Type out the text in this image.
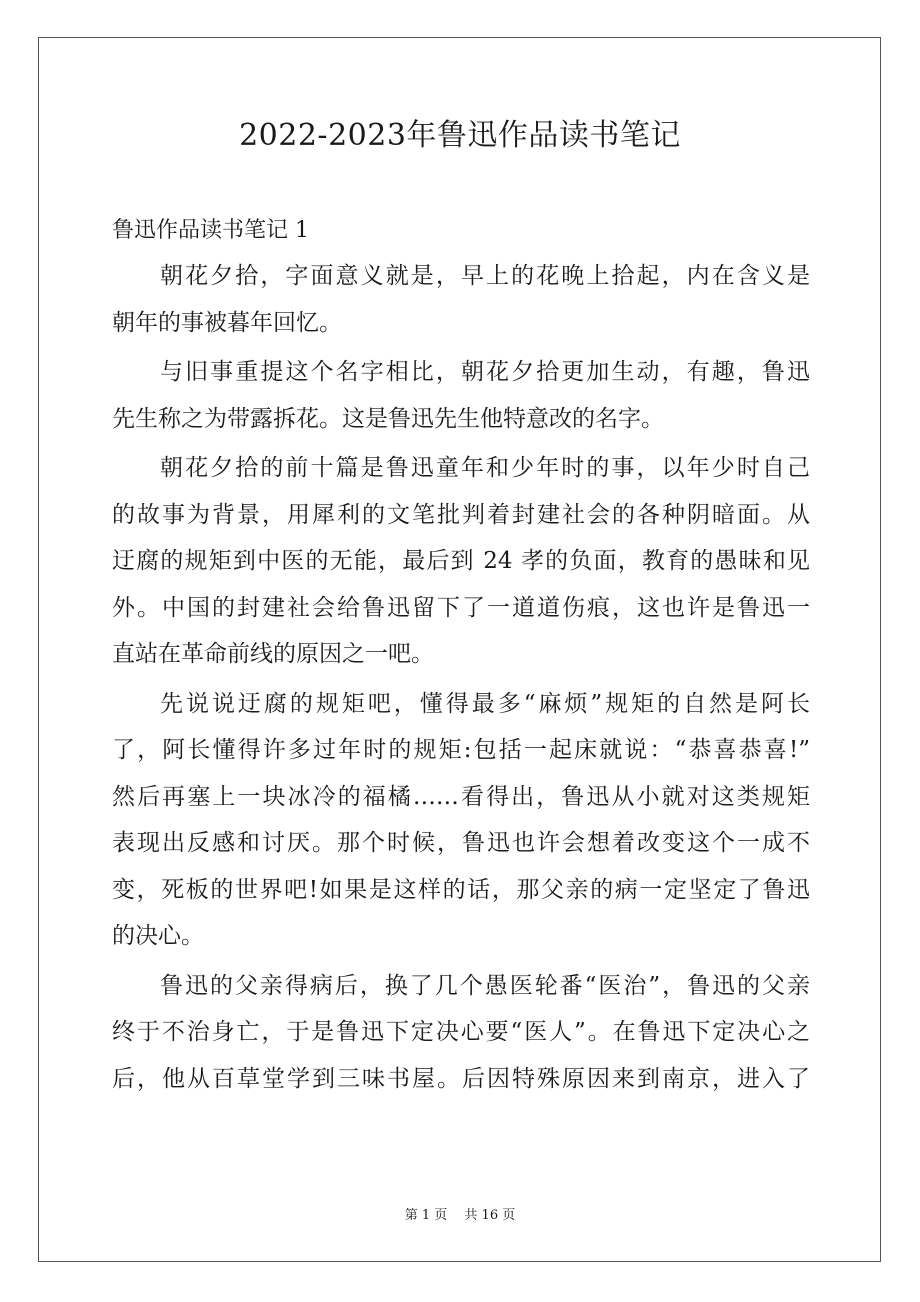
2022-2023年鲁迅作品读书笔记
鲁迅作品读书笔记 1
朝花夕拾，字面意义就是，早上的花晚上拾起，内在含义是
朝年的事被暮年回忆。
与旧事重提这个名字相比，朝花夕拾更加生动，有趣，鲁迅
先生称之为带露拆花。这是鲁迅先生他特意改的名字。
朝花夕拾的前十篇是鲁迅童年和少年时的事，以年少时自己
的故事为背景，用犀利的文笔批判着封建社会的各种阴暗面。从
迂腐的规矩到中医的无能，最后到 24 孝的负面，教育的愚昧和见
外。中国的封建社会给鲁迅留下了一道道伤痕，这也许是鲁迅一
直站在革命前线的原因之一吧。
先说说迂腐的规矩吧，懂得最多“麻烦”规矩的自然是阿长
了，阿长懂得许多过年时的规矩:包括一起床就说：“恭喜恭喜!”
然后再塞上一块冰冷的福橘……看得出，鲁迅从小就对这类规矩
表现出反感和讨厌。那个时候，鲁迅也许会想着改变这个一成不
变，死板的世界吧!如果是这样的话，那父亲的病一定坚定了鲁迅
的决心。
鲁迅的父亲得病后，换了几个愚医轮番“医治”，鲁迅的父亲
终于不治身亡，于是鲁迅下定决心要“医人”。在鲁迅下定决心之
后，他从百草堂学到三味书屋。后因特殊原因来到南京，进入了
第 1 页　 共 16 页
